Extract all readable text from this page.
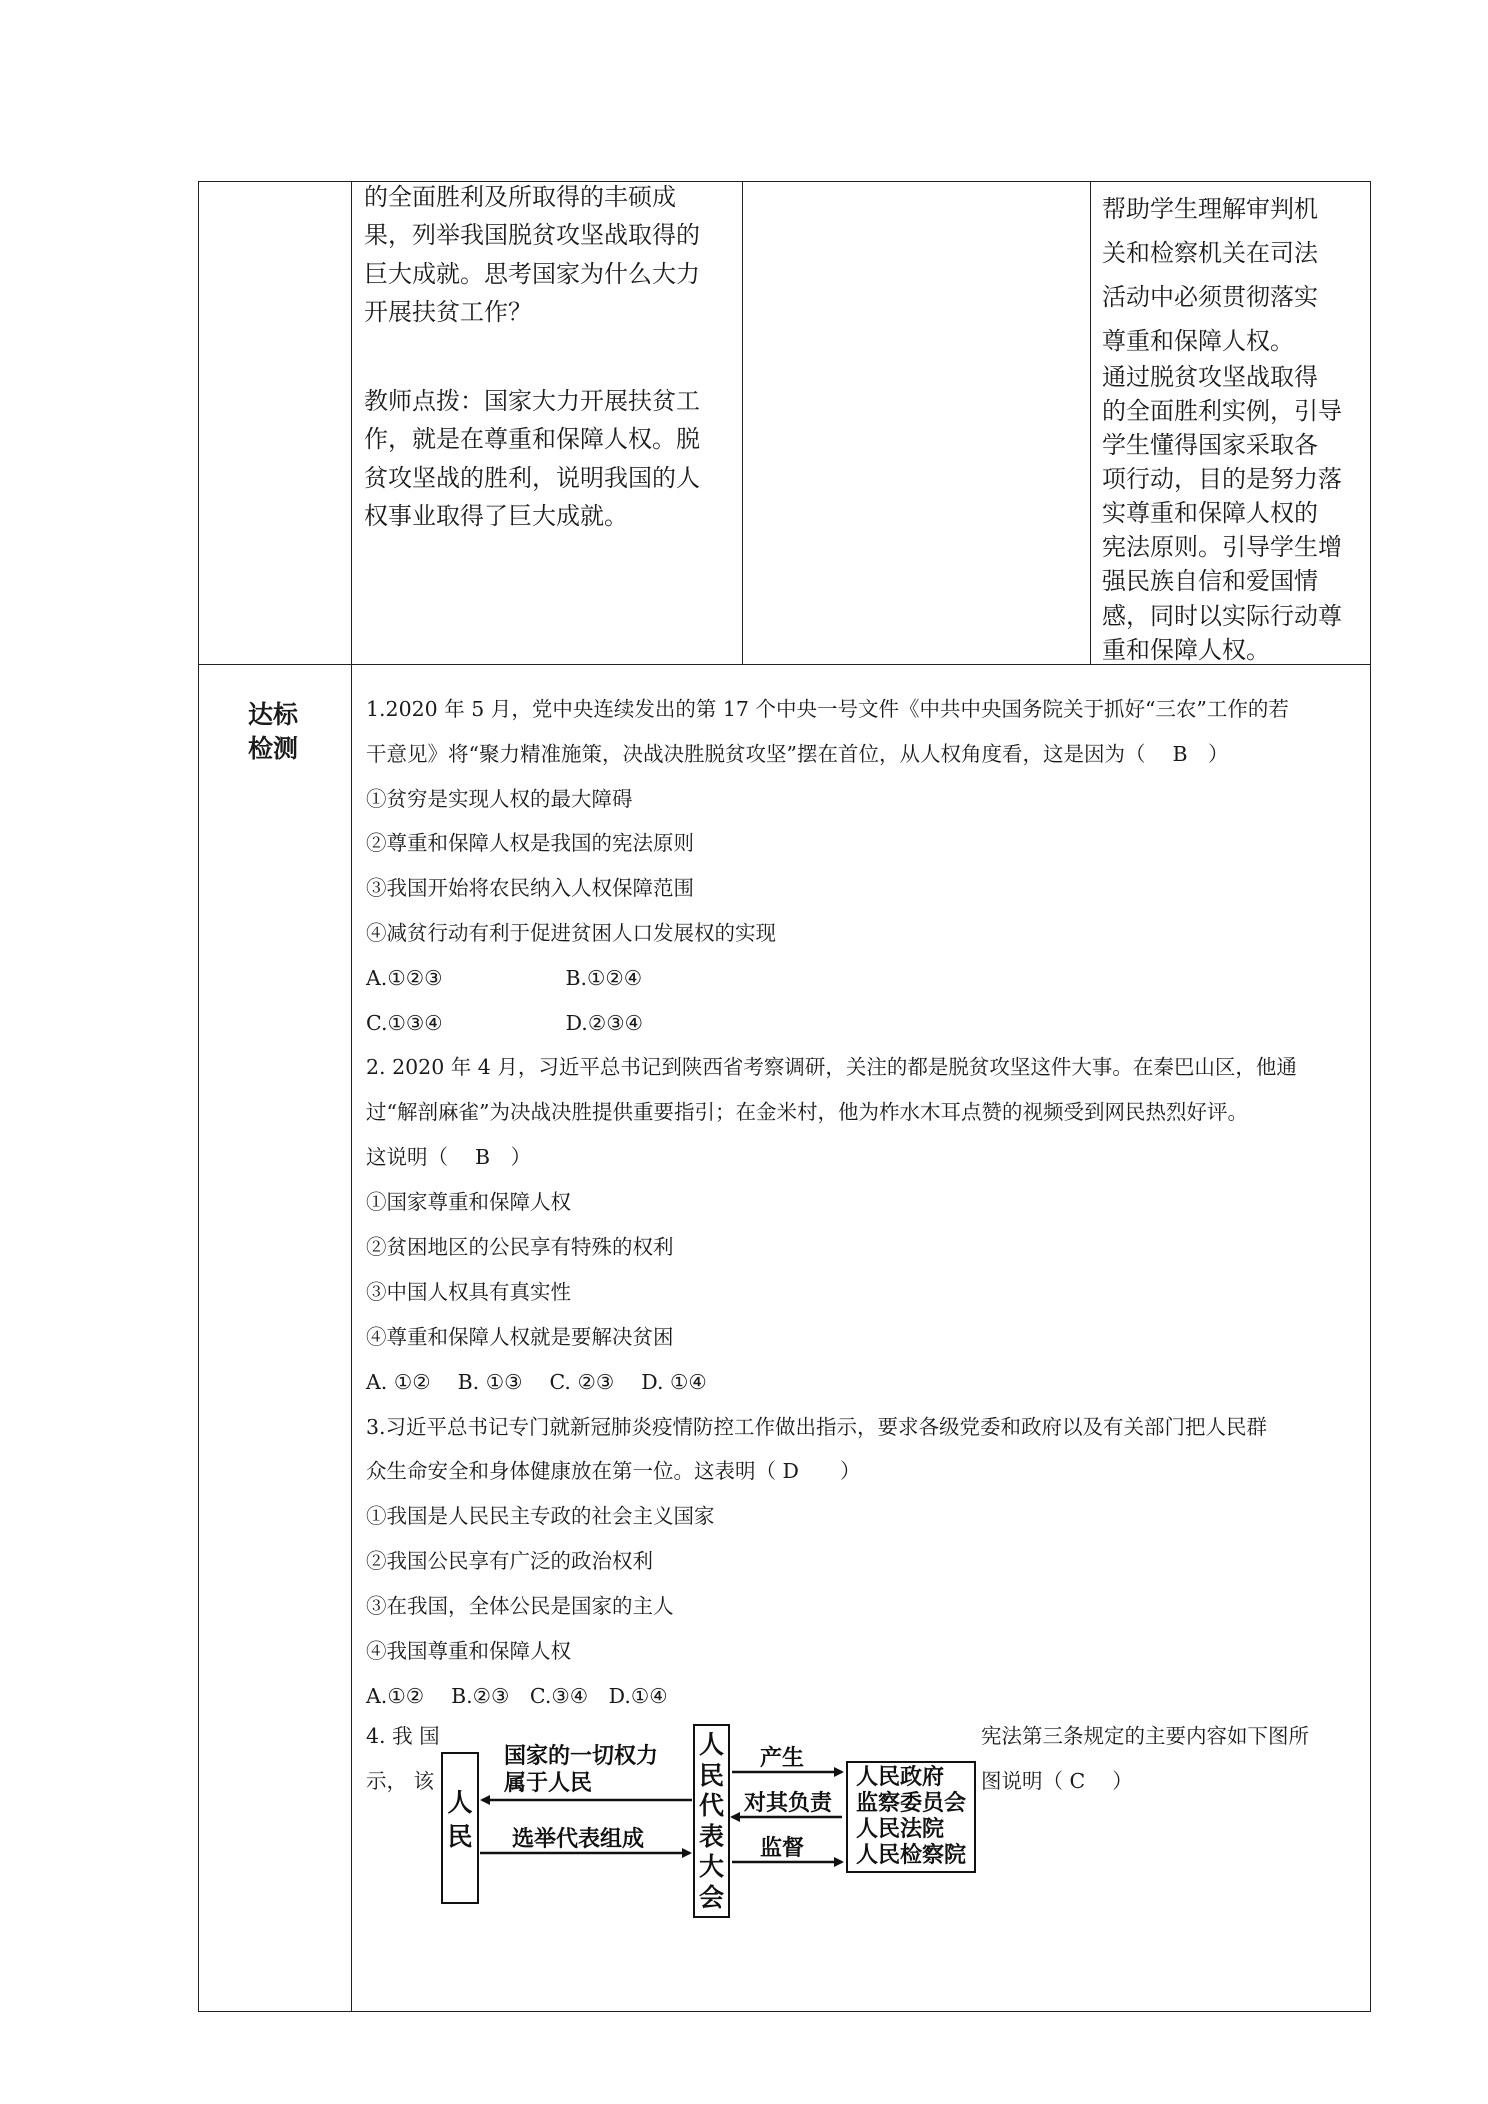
的全面胜利及所取得的丰硕成
果，列举我国脱贫攻坚战取得的
巨大成就。思考国家为什么大力
开展扶贫工作？
教师点拨：国家大力开展扶贫工
作，就是在尊重和保障人权。脱
贫攻坚战的胜利，说明我国的人
权事业取得了巨大成就。
帮助学生理解审判机
关和检察机关在司法
活动中必须贯彻落实
尊重和保障人权。
通过脱贫攻坚战取得
的全面胜利实例，引导
学生懂得国家采取各
项行动，目的是努力落
实尊重和保障人权的
宪法原则。引导学生增
强民族自信和爱国情
感，同时以实际行动尊
重和保障人权。
达标
检测
1.2020 年 5 月，党中央连续发出的第 17 个中央一号文件《中共中央国务院关于抓好“三农”工作的若
干意见》将“聚力精准施策，决战决胜脱贫攻坚”摆在首位，从人权角度看，这是因为（　 B　）
①贫穷是实现人权的最大障碍
②尊重和保障人权是我国的宪法原则
③我国开始将农民纳入人权保障范围
④减贫行动有利于促进贫困人口发展权的实现
A.①②③　　　　　　B.①②④
C.①③④　　　　　　D.②③④
2. 2020 年 4 月，习近平总书记到陕西省考察调研，关注的都是脱贫攻坚这件大事。在秦巴山区，他通
过“解剖麻雀”为决战决胜提供重要指引；在金米村，他为柞水木耳点赞的视频受到网民热烈好评。
这说明（　 B　）
①国家尊重和保障人权
②贫困地区的公民享有特殊的权利
③中国人权具有真实性
④尊重和保障人权就是要解决贫困
A. ①②　 B. ①③　 C. ②③　 D. ①④
3.习近平总书记专门就新冠肺炎疫情防控工作做出指示，要求各级党委和政府以及有关部门把人民群
众生命安全和身体健康放在第一位。这表明（ D　　）
①我国是人民民主专政的社会主义国家
②我国公民享有广泛的政治权利
③在我国，全体公民是国家的主人
④我国尊重和保障人权
A.①②　 B.②③　C.③④　D.①④
4. 我 国
示， 该
宪法第三条规定的主要内容如下图所
图说明（ C　 ）
人民
人民代表大会
人民政府
监察委员会
人民法院
人民检察院
国家的一切权力
属于人民
选举代表组成
产生
对其负责
监督
